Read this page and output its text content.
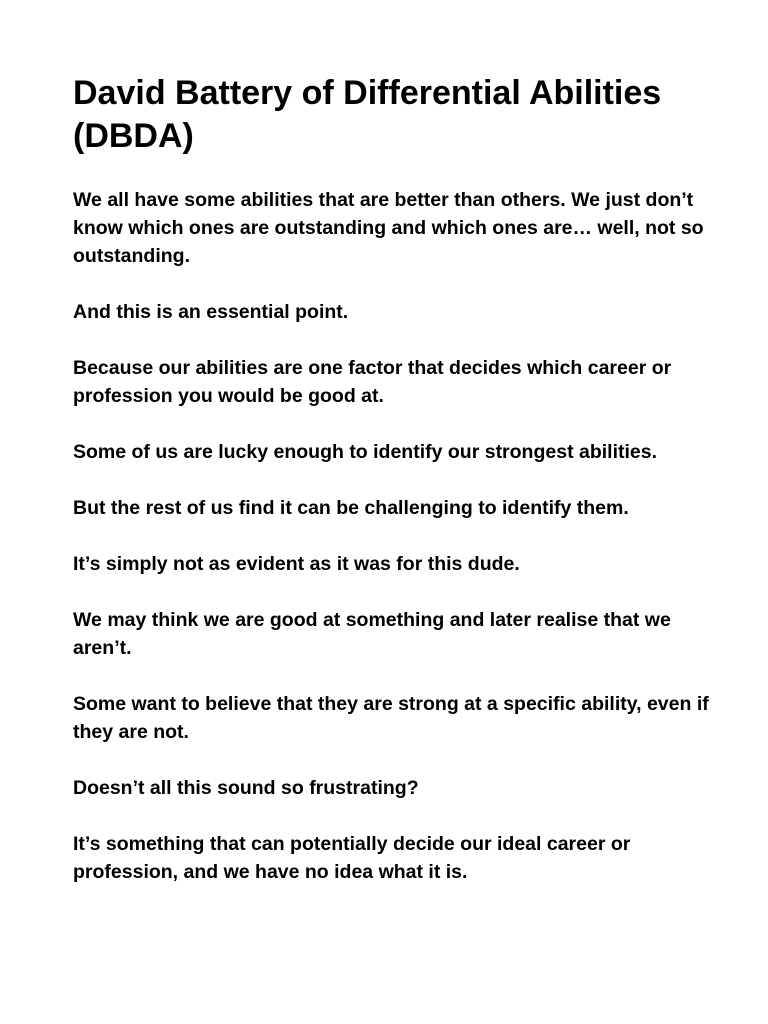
David Battery of Differential Abilities (DBDA)

We all have some abilities that are better than others. We just don’t know which ones are outstanding and which ones are… well, not so outstanding.

And this is an essential point.

Because our abilities are one factor that decides which career or profession you would be good at.

Some of us are lucky enough to identify our strongest abilities.

But the rest of us find it can be challenging to identify them.

It’s simply not as evident as it was for this dude.

We may think we are good at something and later realise that we aren’t.

Some want to believe that they are strong at a specific ability, even if they are not.

Doesn’t all this sound so frustrating?

It’s something that can potentially decide our ideal career or profession, and we have no idea what it is.
